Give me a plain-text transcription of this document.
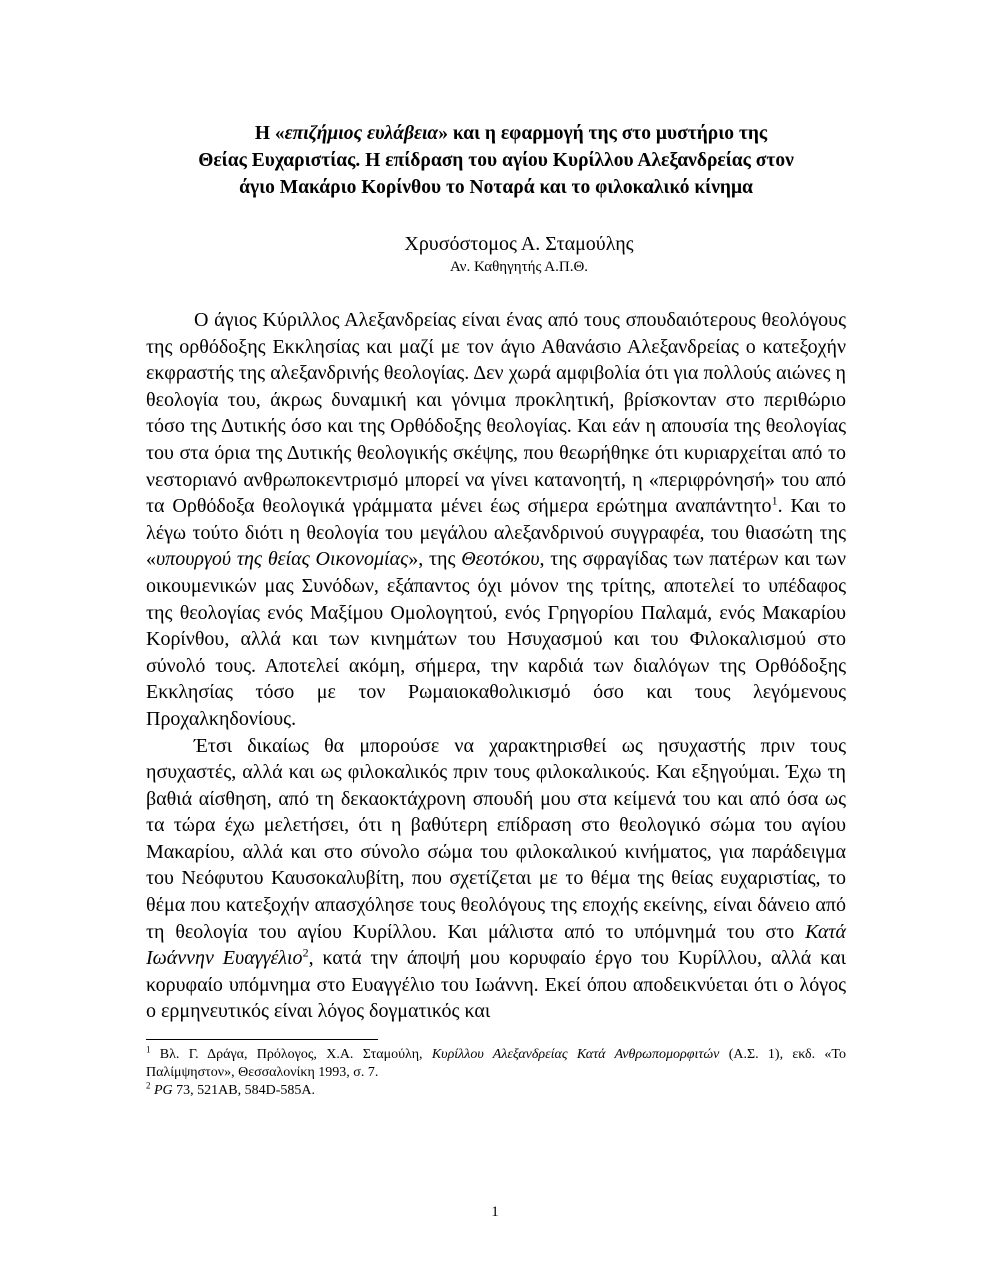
Η «επιζήμιος ευλάβεια» και η εφαρμογή της στο μυστήριο της
Θείας Ευχαριστίας. Η επίδραση του αγίου Κυρίλλου Αλεξανδρείας στον
άγιο Μακάριο Κορίνθου το Νοταρά και το φιλοκαλικό κίνημα
Χρυσόστομος Α. Σταμούλης
Αν. Καθηγητής Α.Π.Θ.

Ο άγιος Κύριλλος Αλεξανδρείας είναι ένας από τους σπουδαιότερους θεολόγους της ορθόδοξης Εκκλησίας και μαζί με τον άγιο Αθανάσιο Αλεξανδρείας ο κατεξοχήν εκφραστής της αλεξανδρινής θεολογίας. Δεν χωρά αμφιβολία ότι για πολλούς αιώνες η θεολογία του, άκρως δυναμική και γόνιμα προκλητική, βρίσκονταν στο περιθώριο τόσο της Δυτικής όσο και της Ορθόδοξης θεολογίας. Και εάν η απουσία της θεολογίας του στα όρια της Δυτικής θεολογικής σκέψης, που θεωρήθηκε ότι κυριαρχείται από το νεστοριανό ανθρωποκεντρισμό μπορεί να γίνει κατανοητή, η «περιφρόνησή» του από τα Ορθόδοξα θεολογικά γράμματα μένει έως σήμερα ερώτημα αναπάντητο$^1$. Και το λέγω τούτο διότι η θεολογία του μεγάλου αλεξανδρινού συγγραφέα, του θιασώτη της «υπουργού της θείας Οικονομίας», της Θεοτόκου, της σφραγίδας των πατέρων και των οικουμενικών μας Συνόδων, εξάπαντος όχι μόνον της τρίτης, αποτελεί το υπέδαφος της θεολογίας ενός Μαξίμου Ομολογητού, ενός Γρηγορίου Παλαμά, ενός Μακαρίου Κορίνθου, αλλά και των κινημάτων του Ησυχασμού και του Φιλοκαλισμού στο σύνολό τους. Αποτελεί ακόμη, σήμερα, την καρδιά των διαλόγων της Ορθόδοξης Εκκλησίας τόσο με τον Ρωμαιοκαθολικισμό όσο και τους λεγόμενους Προχαλκηδονίους.

Έτσι δικαίως θα μπορούσε να χαρακτηρισθεί ως ησυχαστής πριν τους ησυχαστές, αλλά και ως φιλοκαλικός πριν τους φιλοκαλικούς. Και εξηγούμαι. Έχω τη βαθιά αίσθηση, από τη δεκαοκτάχρονη σπουδή μου στα κείμενά του και από όσα ως τα τώρα έχω μελετήσει, ότι η βαθύτερη επίδραση στο θεολογικό σώμα του αγίου Μακαρίου, αλλά και στο σύνολο σώμα του φιλοκαλικού κινήματος, για παράδειγμα του Νεόφυτου Καυσοκαλυβίτη, που σχετίζεται με το θέμα της θείας ευχαριστίας, το θέμα που κατεξοχήν απασχόλησε τους θεολόγους της εποχής εκείνης, είναι δάνειο από τη θεολογία του αγίου Κυρίλλου. Και μάλιστα από το υπόμνημά του στο Κατά Ιωάννην Ευαγγέλιο$^2$, κατά την άποψή μου κορυφαίο έργο του Κυρίλλου, αλλά και κορυφαίο υπόμνημα στο Ευαγγέλιο του Ιωάννη. Εκεί όπου αποδεικνύεται ότι ο λόγος ο ερμηνευτικός είναι λόγος δογματικός και

$^1$ Βλ. Γ. Δράγα, Πρόλογος, Χ.Α. Σταμούλη, Κυρίλλου Αλεξανδρείας Κατά Ανθρωπομορφιτών (Α.Σ. 1), εκδ. «Το Παλίμψηστον», Θεσσαλονίκη 1993, σ. 7.

$^2$ PG 73, 521AB, 584D-585A.

1
